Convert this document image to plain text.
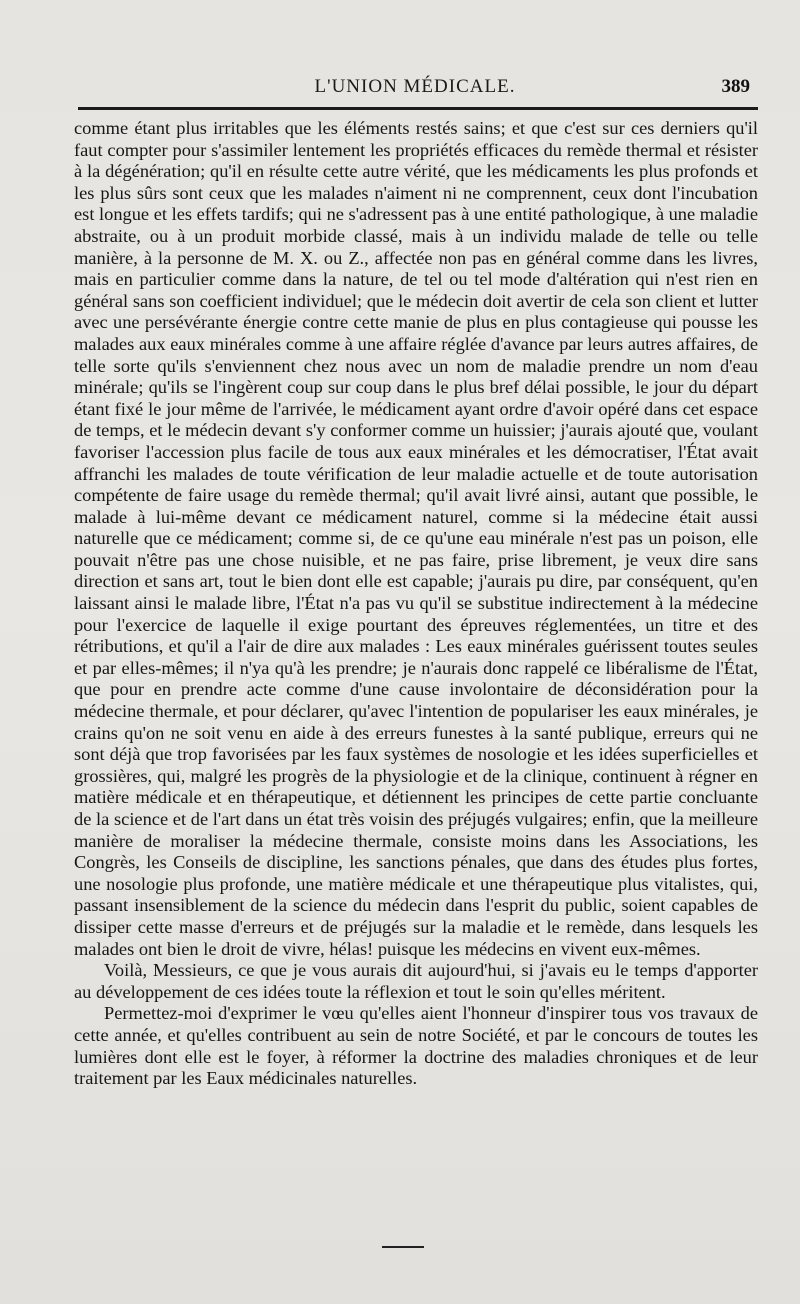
L'UNION MÉDICALE.	389

comme étant plus irritables que les éléments restés sains; et que c'est sur ces derniers qu'il faut compter pour s'assimiler lentement les propriétés efficaces du remède thermal et résister à la dégénération; qu'il en résulte cette autre vérité, que les médicaments les plus profonds et les plus sûrs sont ceux que les malades n'aiment ni ne comprennent, ceux dont l'incubation est longue et les effets tardifs; qui ne s'adressent pas à une entité pathologique, à une maladie abstraite, ou à un produit morbide classé, mais à un individu malade de telle ou telle manière, à la personne de M. X. ou Z., affectée non pas en général comme dans les livres, mais en particulier comme dans la nature, de tel ou tel mode d'altération qui n'est rien en général sans son coefficient individuel; que le médecin doit avertir de cela son client et lutter avec une persévérante énergie contre cette manie de plus en plus contagieuse qui pousse les malades aux eaux minérales comme à une affaire réglée d'avance par leurs autres affaires, de telle sorte qu'ils s'enviennent chez nous avec un nom de maladie prendre un nom d'eau minérale; qu'ils se l'ingèrent coup sur coup dans le plus bref délai possible, le jour du départ étant fixé le jour même de l'arrivée, le médicament ayant ordre d'avoir opéré dans cet espace de temps, et le médecin devant s'y conformer comme un huissier; j'aurais ajouté que, voulant favoriser l'accession plus facile de tous aux eaux minérales et les démocratiser, l'État avait affranchi les malades de toute vérification de leur maladie actuelle et de toute autorisation compétente de faire usage du remède thermal; qu'il avait livré ainsi, autant que possible, le malade à lui-même devant ce médicament naturel, comme si la médecine était aussi naturelle que ce médicament; comme si, de ce qu'une eau minérale n'est pas un poison, elle pouvait n'être pas une chose nuisible, et ne pas faire, prise librement, je veux dire sans direction et sans art, tout le bien dont elle est capable; j'aurais pu dire, par conséquent, qu'en laissant ainsi le malade libre, l'État n'a pas vu qu'il se substitue indirectement à la médecine pour l'exercice de laquelle il exige pourtant des épreuves réglementées, un titre et des rétributions, et qu'il a l'air de dire aux malades : Les eaux minérales guérissent toutes seules et par elles-mêmes; il n'ya qu'à les prendre; je n'aurais donc rappelé ce libéralisme de l'État, que pour en prendre acte comme d'une cause involontaire de déconsidération pour la médecine thermale, et pour déclarer, qu'avec l'intention de populariser les eaux minérales, je crains qu'on ne soit venu en aide à des erreurs funestes à la santé publique, erreurs qui ne sont déjà que trop favorisées par les faux systèmes de nosologie et les idées superficielles et grossières, qui, malgré les progrès de la physiologie et de la clinique, continuent à régner en matière médicale et en thérapeutique, et détiennent les principes de cette partie concluante de la science et de l'art dans un état très voisin des préjugés vulgaires; enfin, que la meilleure manière de moraliser la médecine thermale, consiste moins dans les Associations, les Congrès, les Conseils de discipline, les sanctions pénales, que dans des études plus fortes, une nosologie plus profonde, une matière médicale et une thérapeutique plus vitalistes, qui, passant insensiblement de la science du médecin dans l'esprit du public, soient capables de dissiper cette masse d'erreurs et de préjugés sur la maladie et le remède, dans lesquels les malades ont bien le droit de vivre, hélas! puisque les médecins en vivent eux-mêmes.

Voilà, Messieurs, ce que je vous aurais dit aujourd'hui, si j'avais eu le temps d'apporter au développement de ces idées toute la réflexion et tout le soin qu'elles méritent.

Permettez-moi d'exprimer le vœu qu'elles aient l'honneur d'inspirer tous vos travaux de cette année, et qu'elles contribuent au sein de notre Société, et par le concours de toutes les lumières dont elle est le foyer, à réformer la doctrine des maladies chroniques et de leur traitement par les Eaux médicinales naturelles.
